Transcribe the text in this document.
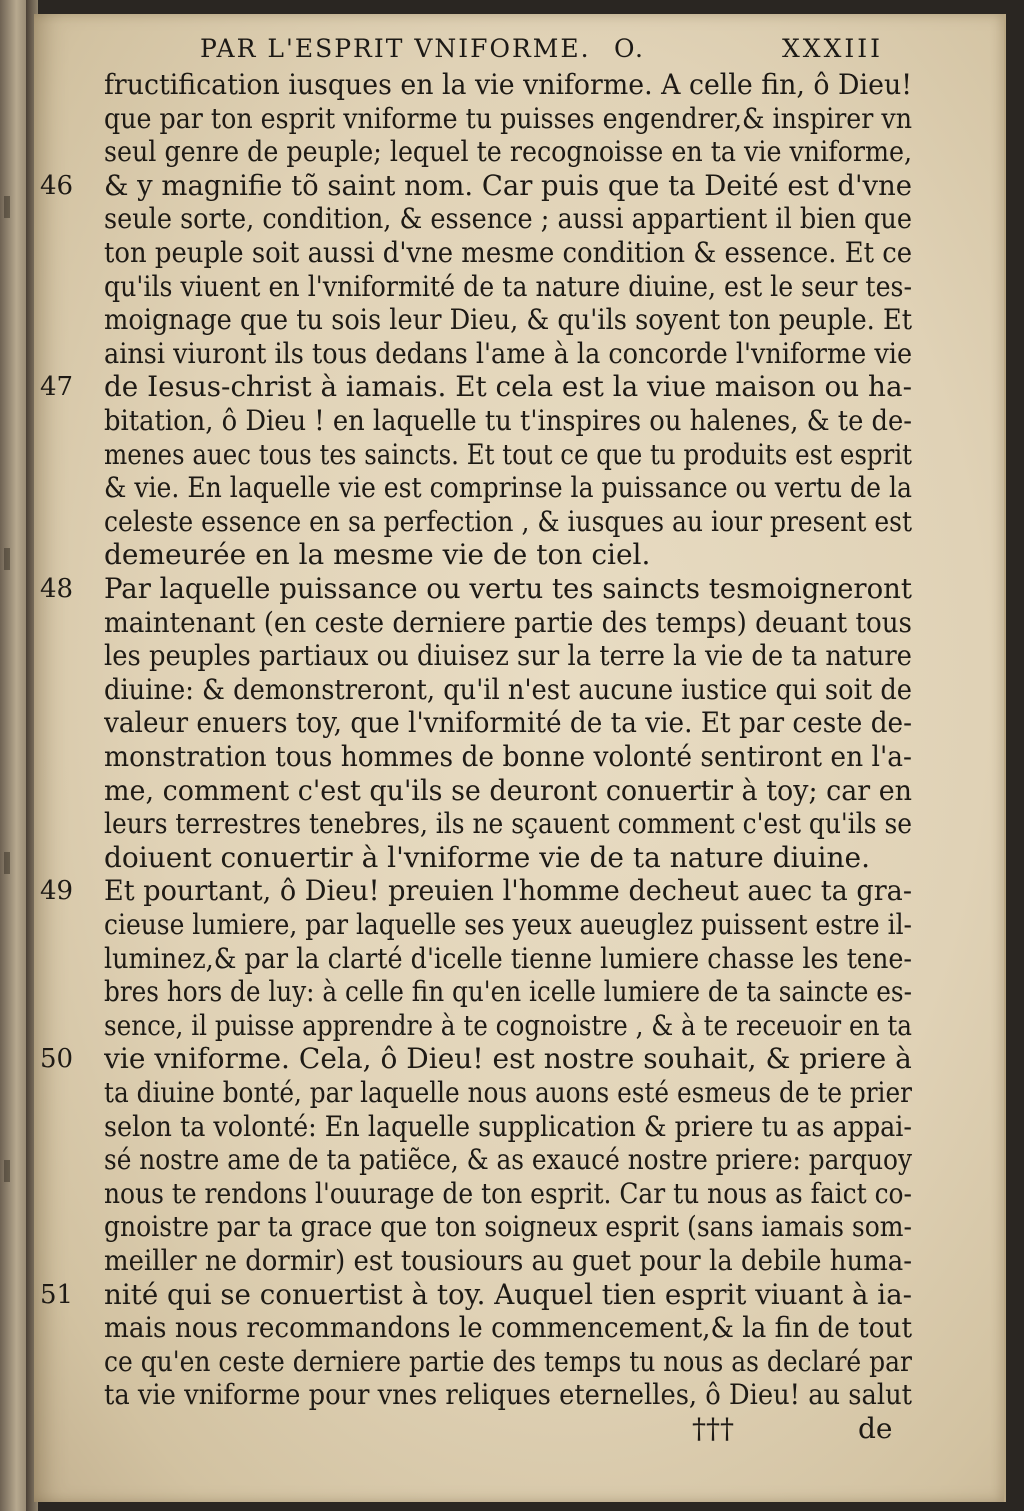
PAR L'ESPRIT VNIFORME. O.	XXXIII
fructification iusques en la vie vniforme. A celle fin, ô Dieu!
que par ton esprit vniforme tu puisses engendrer,& inspirer vn
seul genre de peuple; lequel te recognoisse en ta vie vniforme,
& y magnifie tõ saint nom. Car puis que ta Deité est d'vne
seule sorte, condition, & essence ; aussi appartient il bien que
ton peuple soit aussi d'vne mesme condition & essence. Et ce
qu'ils viuent en l'vniformité de ta nature diuine, est le seur tes-
moignage que tu sois leur Dieu, & qu'ils soyent ton peuple. Et
ainsi viuront ils tous dedans l'ame à la concorde l'vniforme vie
de Iesus-christ à iamais. Et cela est la viue maison ou ha-
bitation, ô Dieu ! en laquelle tu t'inspires ou halenes, & te de-
menes auec tous tes saincts. Et tout ce que tu produits est esprit
& vie. En laquelle vie est comprinse la puissance ou vertu de la
celeste essence en sa perfection , & iusques au iour present est
demeurée en la mesme vie de ton ciel.
Par laquelle puissance ou vertu tes saincts tesmoigneront
maintenant (en ceste derniere partie des temps) deuant tous
les peuples partiaux ou diuisez sur la terre la vie de ta nature
diuine: & demonstreront, qu'il n'est aucune iustice qui soit de
valeur enuers toy, que l'vniformité de ta vie. Et par ceste de-
monstration tous hommes de bonne volonté sentiront en l'a-
me, comment c'est qu'ils se deuront conuertir à toy; car en
leurs terrestres tenebres, ils ne sçauent comment c'est qu'ils se
doiuent conuertir à l'vniforme vie de ta nature diuine.
Et pourtant, ô Dieu! preuien l'homme decheut auec ta gra-
cieuse lumiere, par laquelle ses yeux aueuglez puissent estre il-
luminez,& par la clarté d'icelle tienne lumiere chasse les tene-
bres hors de luy: à celle fin qu'en icelle lumiere de ta saincte es-
sence, il puisse apprendre à te cognoistre , & à te receuoir en ta
vie vniforme. Cela, ô Dieu! est nostre souhait, & priere à
ta diuine bonté, par laquelle nous auons esté esmeus de te prier
selon ta volonté: En laquelle supplication & priere tu as appai-
sé nostre ame de ta patiẽce, & as exaucé nostre priere: parquoy
nous te rendons l'ouurage de ton esprit. Car tu nous as faict co-
gnoistre par ta grace que ton soigneux esprit (sans iamais som-
meiller ne dormir) est tousiours au guet pour la debile huma-
nité qui se conuertist à toy. Auquel tien esprit viuant à ia-
mais nous recommandons le commencement,& la fin de tout
ce qu'en ceste derniere partie des temps tu nous as declaré par
ta vie vniforme pour vnes reliques eternelles, ô Dieu! au salut
46
47
48
49
50
51
†††	de
